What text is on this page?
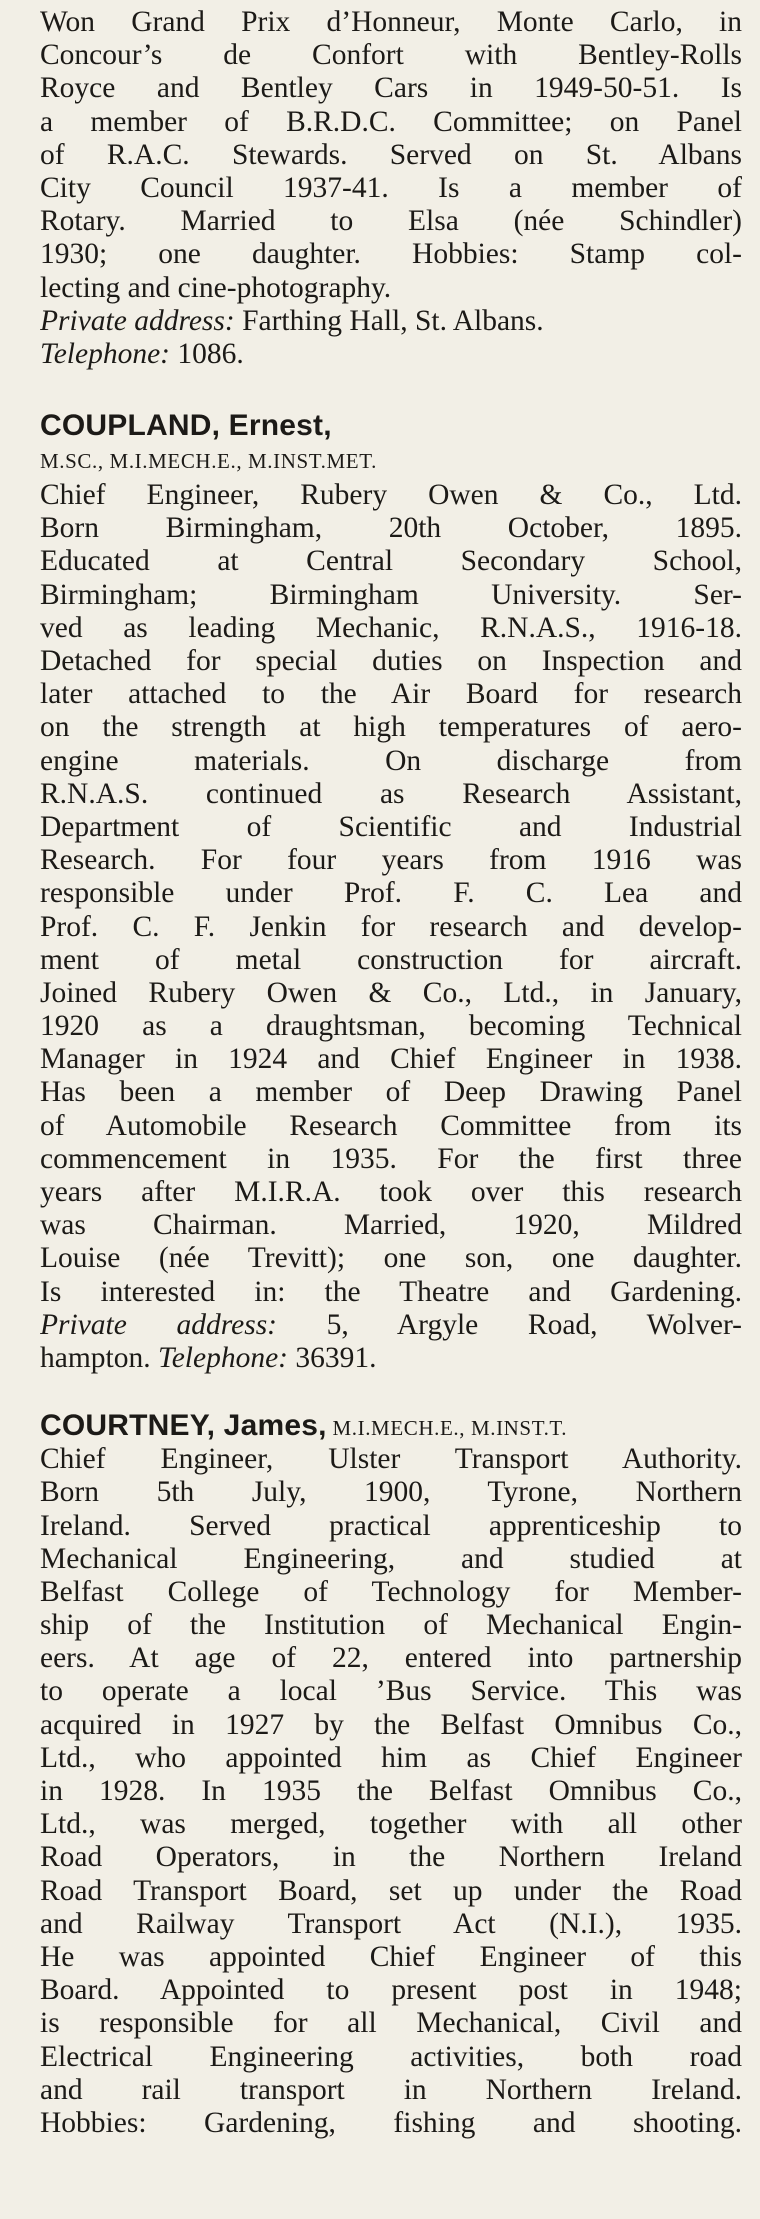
Won Grand Prix d’Honneur, Monte Carlo, in
Concour’s de Confort with Bentley-Rolls
Royce and Bentley Cars in 1949-50-51. Is
a member of B.R.D.C. Committee; on Panel
of R.A.C. Stewards. Served on St. Albans
City Council 1937-41. Is a member of
Rotary. Married to Elsa (née Schindler)
1930; one daughter. Hobbies: Stamp col-
lecting and cine-photography.
Private address: Farthing Hall, St. Albans.
Telephone: 1086.
COUPLAND, Ernest,
M.SC., M.I.MECH.E., M.INST.MET.
Chief Engineer, Rubery Owen & Co., Ltd.
Born Birmingham, 20th October, 1895.
Educated at Central Secondary School,
Birmingham; Birmingham University. Ser-
ved as leading Mechanic, R.N.A.S., 1916-18.
Detached for special duties on Inspection and
later attached to the Air Board for research
on the strength at high temperatures of aero-
engine materials. On discharge from
R.N.A.S. continued as Research Assistant,
Department of Scientific and Industrial
Research. For four years from 1916 was
responsible under Prof. F. C. Lea and
Prof. C. F. Jenkin for research and develop-
ment of metal construction for aircraft.
Joined Rubery Owen & Co., Ltd., in January,
1920 as a draughtsman, becoming Technical
Manager in 1924 and Chief Engineer in 1938.
Has been a member of Deep Drawing Panel
of Automobile Research Committee from its
commencement in 1935. For the first three
years after M.I.R.A. took over this research
was Chairman. Married, 1920, Mildred
Louise (née Trevitt); one son, one daughter.
Is interested in: the Theatre and Gardening.
Private address: 5, Argyle Road, Wolver-
hampton. Telephone: 36391.
COURTNEY, James, M.I.MECH.E., M.INST.T.
Chief Engineer, Ulster Transport Authority.
Born 5th July, 1900, Tyrone, Northern
Ireland. Served practical apprenticeship to
Mechanical Engineering, and studied at
Belfast College of Technology for Member-
ship of the Institution of Mechanical Engin-
eers. At age of 22, entered into partnership
to operate a local ’Bus Service. This was
acquired in 1927 by the Belfast Omnibus Co.,
Ltd., who appointed him as Chief Engineer
in 1928. In 1935 the Belfast Omnibus Co.,
Ltd., was merged, together with all other
Road Operators, in the Northern Ireland
Road Transport Board, set up under the Road
and Railway Transport Act (N.I.), 1935.
He was appointed Chief Engineer of this
Board. Appointed to present post in 1948;
is responsible for all Mechanical, Civil and
Electrical Engineering activities, both road
and rail transport in Northern Ireland.
Hobbies: Gardening, fishing and shooting.
